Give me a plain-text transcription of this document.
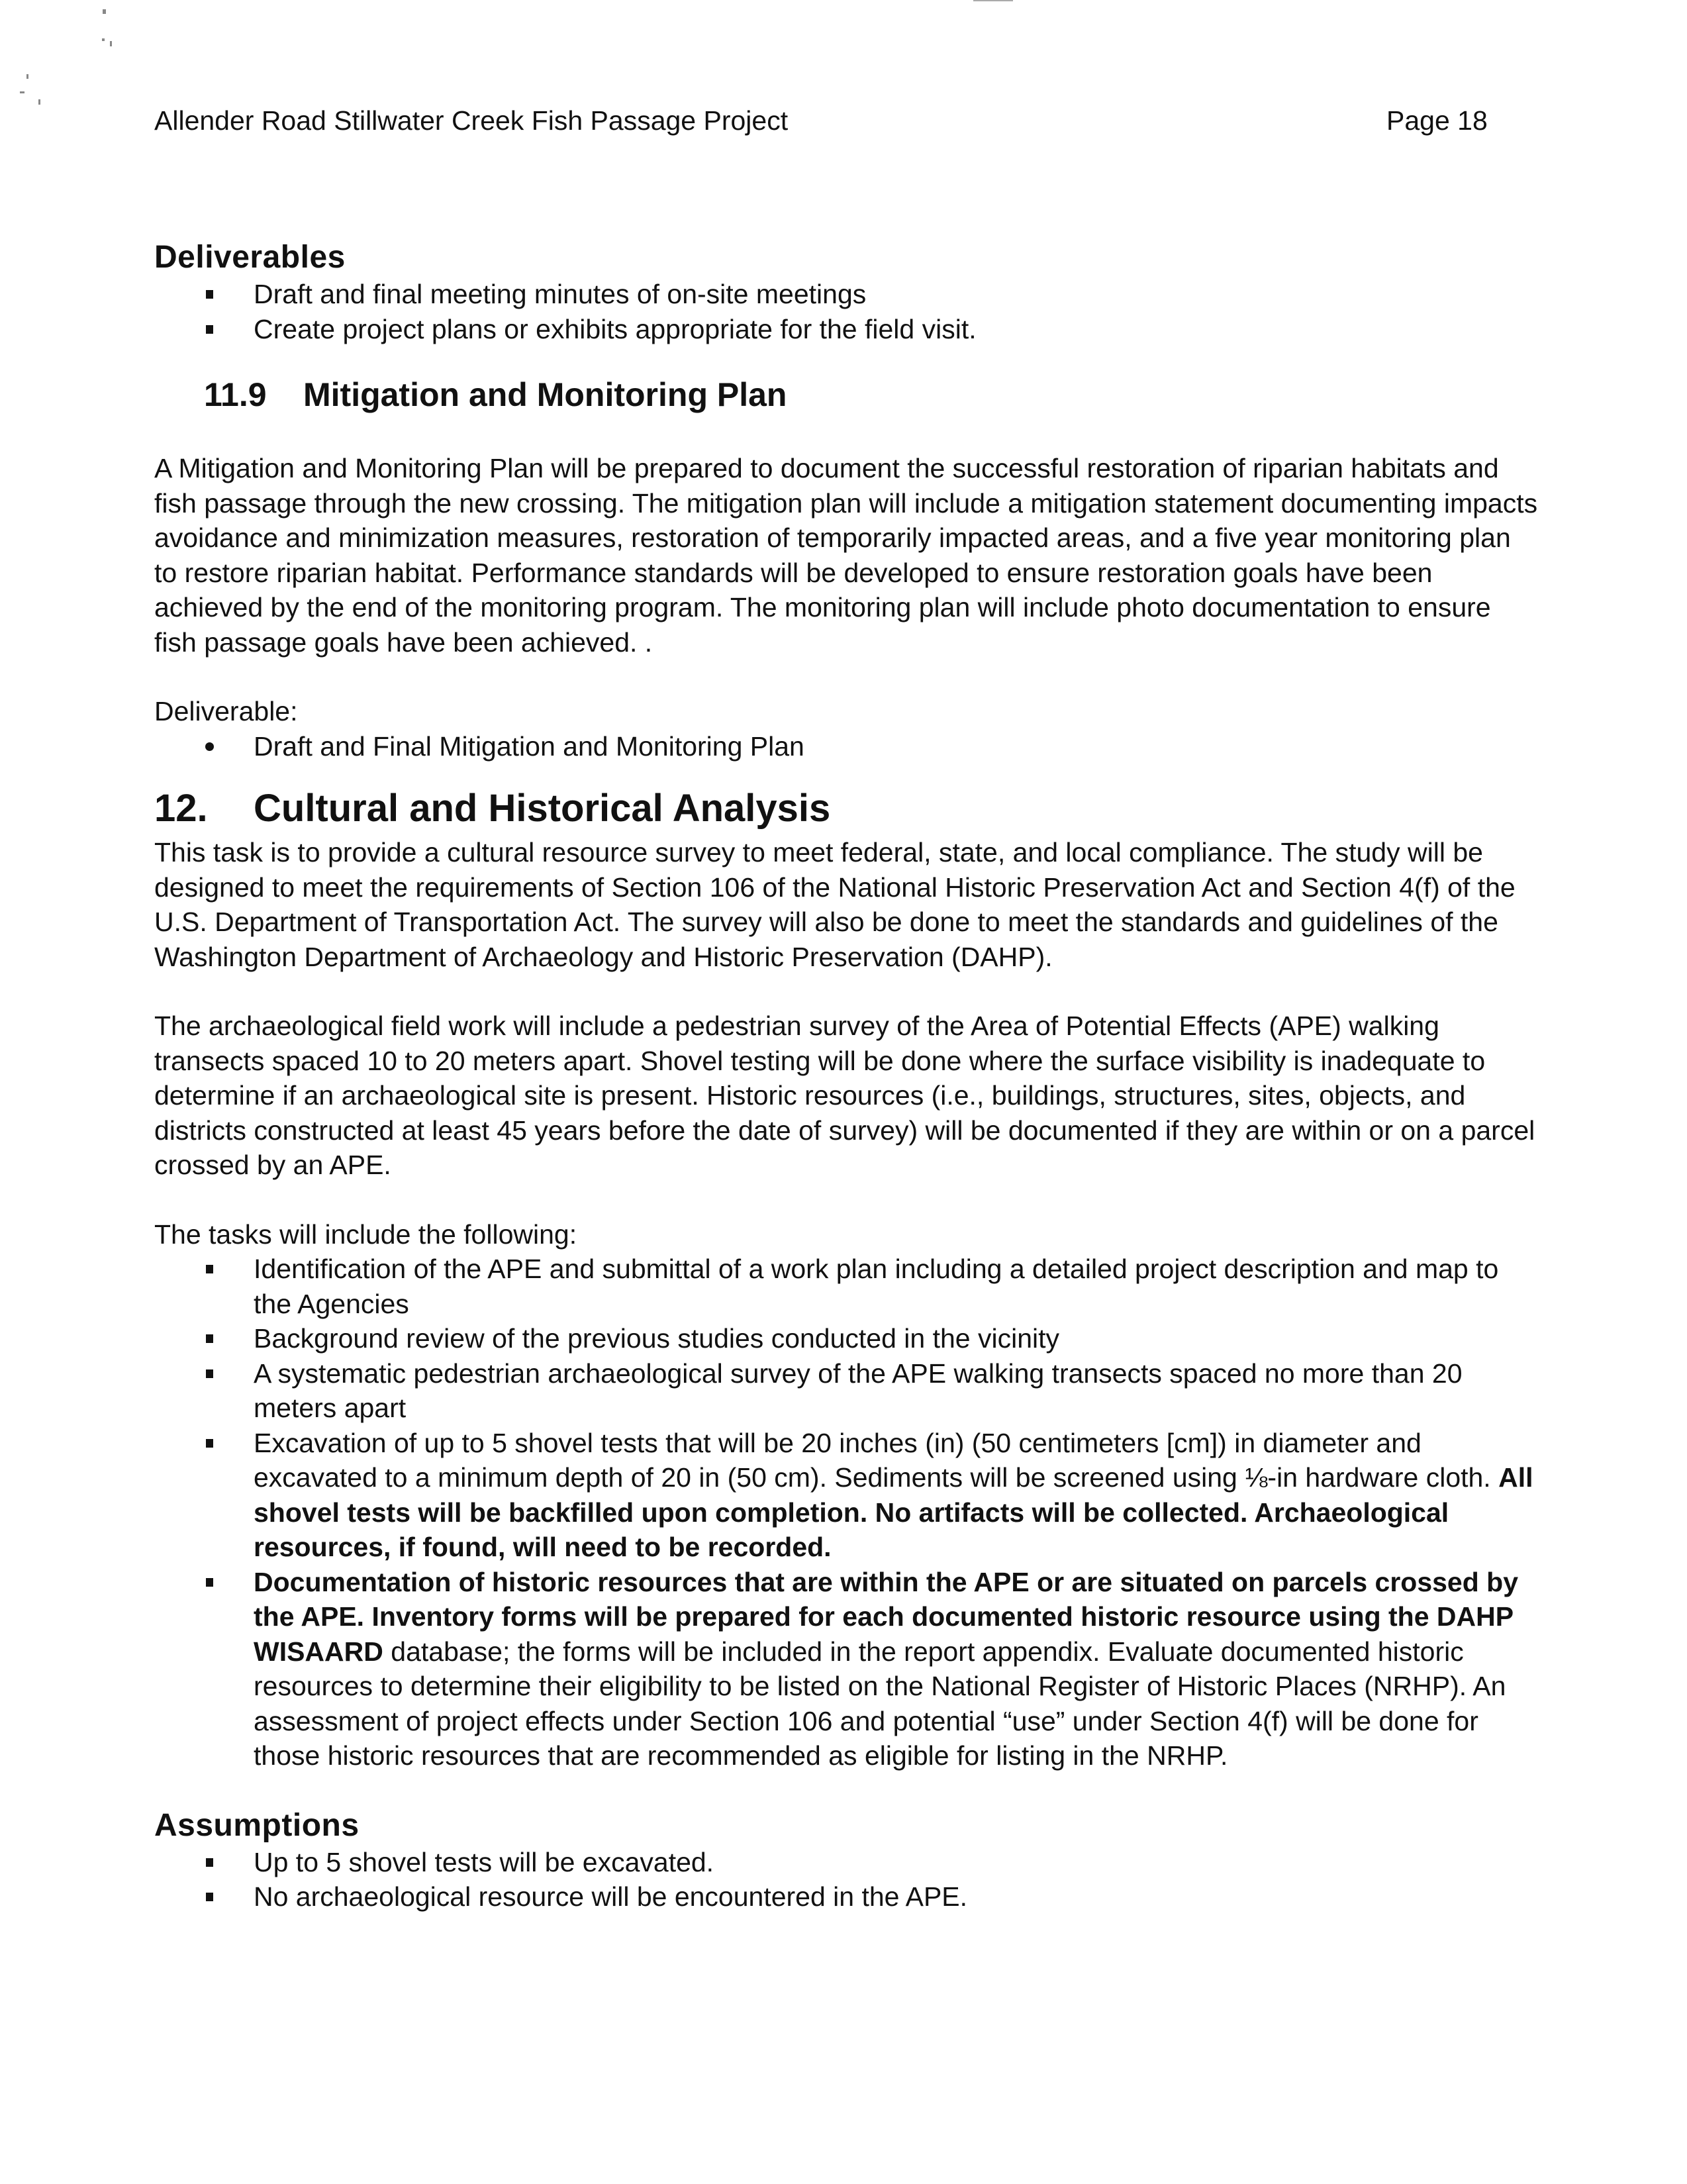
Allender Road Stillwater Creek Fish Passage Project	Page 18
Deliverables
Draft and final meeting minutes of on-site meetings
Create project plans or exhibits appropriate for the field visit.
11.9 Mitigation and Monitoring Plan

A Mitigation and Monitoring Plan will be prepared to document the successful restoration of riparian habitats and fish passage through the new crossing. The mitigation plan will include a mitigation statement documenting impacts avoidance and minimization measures, restoration of temporarily impacted areas, and a five year monitoring plan to restore riparian habitat. Performance standards will be developed to ensure restoration goals have been achieved by the end of the monitoring program. The monitoring plan will include photo documentation to ensure fish passage goals have been achieved. .

Deliverable:

Draft and Final Mitigation and Monitoring Plan
12. Cultural and Historical Analysis

This task is to provide a cultural resource survey to meet federal, state, and local compliance. The study will be designed to meet the requirements of Section 106 of the National Historic Preservation Act and Section 4(f) of the U.S. Department of Transportation Act. The survey will also be done to meet the standards and guidelines of the Washington Department of Archaeology and Historic Preservation (DAHP).

The archaeological field work will include a pedestrian survey of the Area of Potential Effects (APE) walking transects spaced 10 to 20 meters apart. Shovel testing will be done where the surface visibility is inadequate to determine if an archaeological site is present. Historic resources (i.e., buildings, structures, sites, objects, and districts constructed at least 45 years before the date of survey) will be documented if they are within or on a parcel crossed by an APE.

The tasks will include the following:

Identification of the APE and submittal of a work plan including a detailed project description and map to the Agencies
Background review of the previous studies conducted in the vicinity
A systematic pedestrian archaeological survey of the APE walking transects spaced no more than 20 meters apart
Excavation of up to 5 shovel tests that will be 20 inches (in) (50 centimeters [cm]) in diameter and excavated to a minimum depth of 20 in (50 cm). Sediments will be screened using ⅛-in hardware cloth. All shovel tests will be backfilled upon completion. No artifacts will be collected. Archaeological resources, if found, will need to be recorded.
Documentation of historic resources that are within the APE or are situated on parcels crossed by the APE. Inventory forms will be prepared for each documented historic resource using the DAHP WISAARD database; the forms will be included in the report appendix. Evaluate documented historic resources to determine their eligibility to be listed on the National Register of Historic Places (NRHP). An assessment of project effects under Section 106 and potential “use” under Section 4(f) will be done for those historic resources that are recommended as eligible for listing in the NRHP.
Assumptions
Up to 5 shovel tests will be excavated.
No archaeological resource will be encountered in the APE.
